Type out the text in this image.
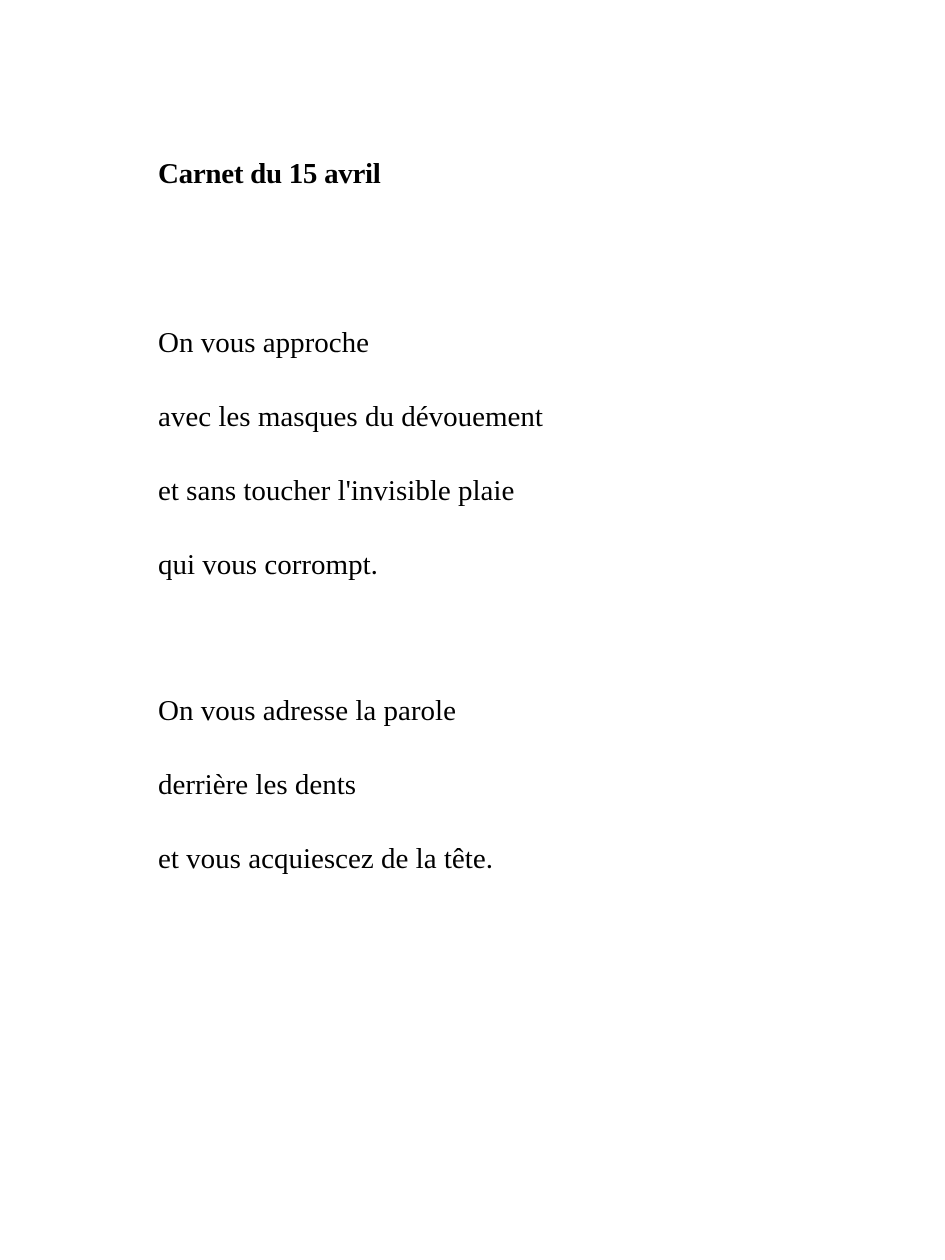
Carnet du 15 avril
On vous approche
avec les masques du dévouement
et sans toucher l'invisible plaie
qui vous corrompt.
On vous adresse la parole
derrière les dents
et vous acquiescez de la tête.
